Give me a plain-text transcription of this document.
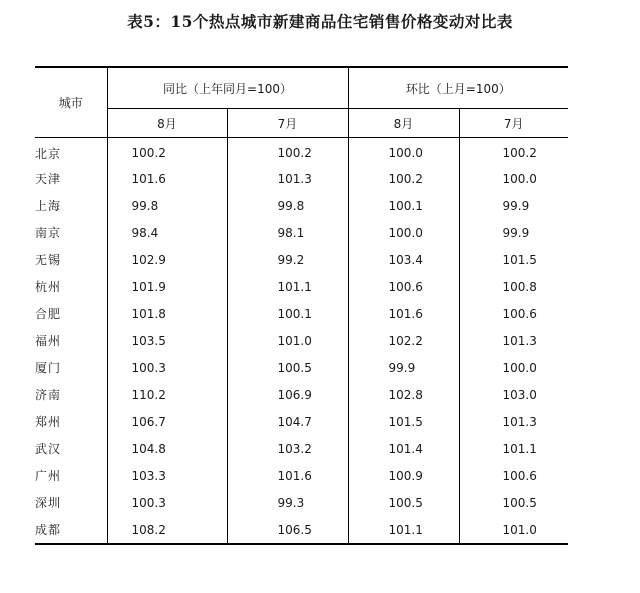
表5：15个热点城市新建商品住宅销售价格变动对比表
城市	同比（上年同月=100）		环比（上月=100）	
	8月	7月	8月	7月
北京	100.2	100.2	100.0	100.2
天津	101.6	101.3	100.2	100.0
上海	99.8	99.8	100.1	99.9
南京	98.4	98.1	100.0	99.9
无锡	102.9	99.2	103.4	101.5
杭州	101.9	101.1	100.6	100.8
合肥	101.8	100.1	101.6	100.6
福州	103.5	101.0	102.2	101.3
厦门	100.3	100.5	99.9	100.0
济南	110.2	106.9	102.8	103.0
郑州	106.7	104.7	101.5	101.3
武汉	104.8	103.2	101.4	101.1
广州	103.3	101.6	100.9	100.6
深圳	100.3	99.3	100.5	100.5
成都	108.2	106.5	101.1	101.0
